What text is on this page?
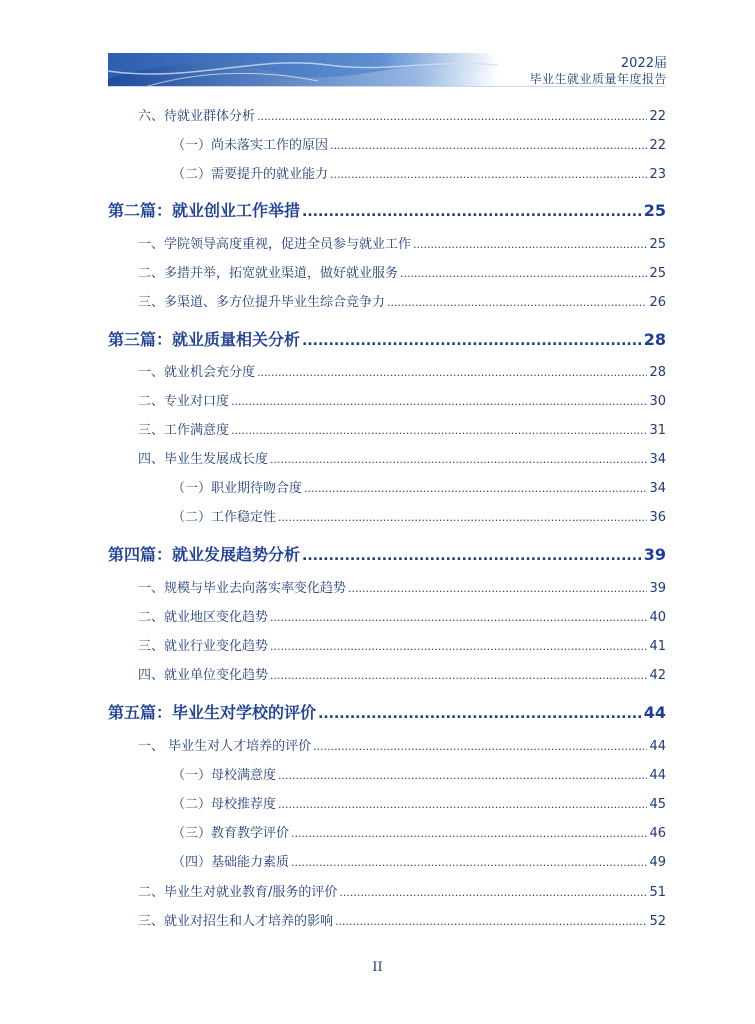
2022届
毕业生就业质量年度报告
六、待就业群体分析 .....	22
（一）尚未落实工作的原因 .....	22
（二）需要提升的就业能力 .....	23
第二篇：就业创业工作举措 .....	25
一、学院领导高度重视，促进全员参与就业工作 .....	25
二、多措并举，拓宽就业渠道，做好就业服务 .....	25
三、多渠道、多方位提升毕业生综合竞争力 .....	26
第三篇：就业质量相关分析 .....	28
一、就业机会充分度 .....	28
二、专业对口度 .....	30
三、工作满意度 .....	31
四、毕业生发展成长度 .....	34
（一）职业期待吻合度 .....	34
（二）工作稳定性 .....	36
第四篇：就业发展趋势分析 .....	39
一、规模与毕业去向落实率变化趋势 .....	39
二、就业地区变化趋势 .....	40
三、就业行业变化趋势 .....	41
四、就业单位变化趋势 .....	42
第五篇：毕业生对学校的评价 .....	44
一、 毕业生对人才培养的评价 .....	44
（一）母校满意度 .....	44
（二）母校推荐度 .....	45
（三）教育教学评价 .....	46
（四）基础能力素质 .....	49
二、毕业生对就业教育/服务的评价 .....	51
三、就业对招生和人才培养的影响 .....	52
II
